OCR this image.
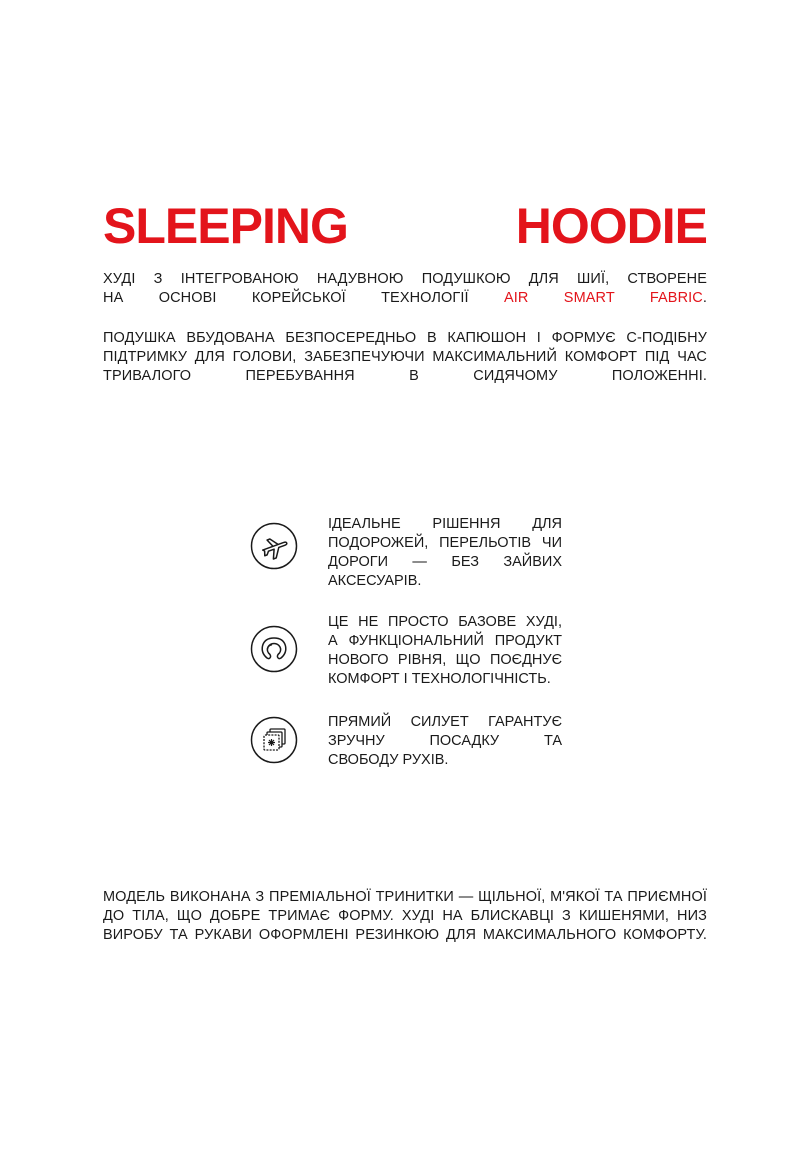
SLEEPING	HOODIE
ХУДІ З ІНТЕГРОВАНОЮ НАДУВНОЮ ПОДУШКОЮ ДЛЯ ШИЇ, СТВОРЕНЕ
НА ОСНОВІ КОРЕЙСЬКОЇ ТЕХНОЛОГІЇ AIR SMART FABRIC.
ПОДУШКА ВБУДОВАНА БЕЗПОСЕРЕДНЬО В КАПЮШОН І ФОРМУЄ С-ПОДІБНУ
ПІДТРИМКУ ДЛЯ ГОЛОВИ, ЗАБЕЗПЕЧУЮЧИ МАКСИМАЛЬНИЙ КОМФОРТ ПІД ЧАС
ТРИВАЛОГО ПЕРЕБУВАННЯ В СИДЯЧОМУ ПОЛОЖЕННІ.
ІДЕАЛЬНЕ РІШЕННЯ ДЛЯ
ПОДОРОЖЕЙ, ПЕРЕЛЬОТІВ ЧИ
ДОРОГИ — БЕЗ ЗАЙВИХ
АКСЕСУАРІВ.
ЦЕ НЕ ПРОСТО БАЗОВЕ ХУДІ,
А ФУНКЦІОНАЛЬНИЙ ПРОДУКТ
НОВОГО РІВНЯ, ЩО ПОЄДНУЄ
КОМФОРТ І ТЕХНОЛОГІЧНІСТЬ.
ПРЯМИЙ СИЛУЕТ ГАРАНТУЄ
ЗРУЧНУ ПОСАДКУ ТА
СВОБОДУ РУХІВ.
МОДЕЛЬ ВИКОНАНА З ПРЕМІАЛЬНОЇ ТРИНИТКИ — ЩІЛЬНОЇ, М'ЯКОЇ ТА ПРИЄМНОЇ
ДО ТІЛА, ЩО ДОБРЕ ТРИМАЄ ФОРМУ. ХУДІ НА БЛИСКАВЦІ З КИШЕНЯМИ, НИЗ
ВИРОБУ ТА РУКАВИ ОФОРМЛЕНІ РЕЗИНКОЮ ДЛЯ МАКСИМАЛЬНОГО КОМФОРТУ.
